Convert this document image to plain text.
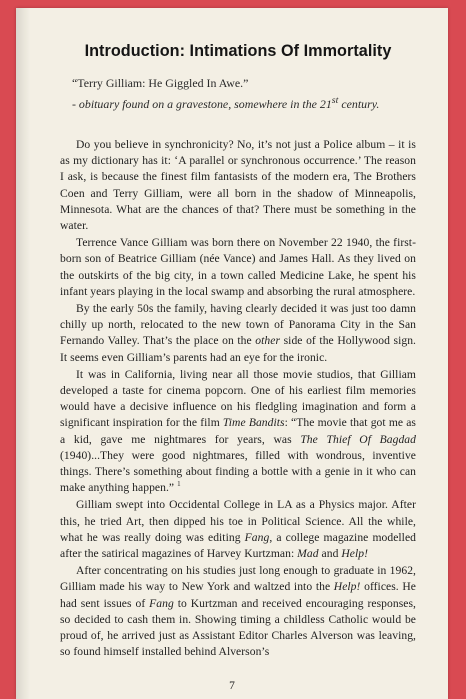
Introduction: Intimations Of Immortality
“Terry Gilliam: He Giggled In Awe.”
- obituary found on a gravestone, somewhere in the 21st century.

Do you believe in synchronicity? No, it’s not just a Police album – it is as my dictionary has it: ‘A parallel or synchronous occurrence.’ The reason I ask, is because the finest film fantasists of the modern era, The Brothers Coen and Terry Gilliam, were all born in the shadow of Minneapolis, Minnesota. What are the chances of that? There must be something in the water.

Terrence Vance Gilliam was born there on November 22 1940, the first-born son of Beatrice Gilliam (née Vance) and James Hall. As they lived on the outskirts of the big city, in a town called Medicine Lake, he spent his infant years playing in the local swamp and absorbing the rural atmosphere.

By the early 50s the family, having clearly decided it was just too damn chilly up north, relocated to the new town of Panorama City in the San Fernando Valley. That’s the place on the other side of the Hollywood sign. It seems even Gilliam’s parents had an eye for the ironic.

It was in California, living near all those movie studios, that Gilliam developed a taste for cinema popcorn. One of his earliest film memories would have a decisive influence on his fledgling imagination and form a significant inspiration for the film Time Bandits: “The movie that got me as a kid, gave me nightmares for years, was The Thief Of Bagdad (1940)...They were good nightmares, filled with wondrous, inventive things. There’s something about finding a bottle with a genie in it who can make anything happen.” $^1$

Gilliam swept into Occidental College in LA as a Physics major. After this, he tried Art, then dipped his toe in Political Science. All the while, what he was really doing was editing Fang, a college magazine modelled after the satirical magazines of Harvey Kurtzman: Mad and Help!

After concentrating on his studies just long enough to graduate in 1962, Gilliam made his way to New York and waltzed into the Help! offices. He had sent issues of Fang to Kurtzman and received encouraging responses, so decided to cash them in. Showing timing a childless Catholic would be proud of, he arrived just as Assistant Editor Charles Alverson was leaving, so found himself installed behind Alverson’s

7
